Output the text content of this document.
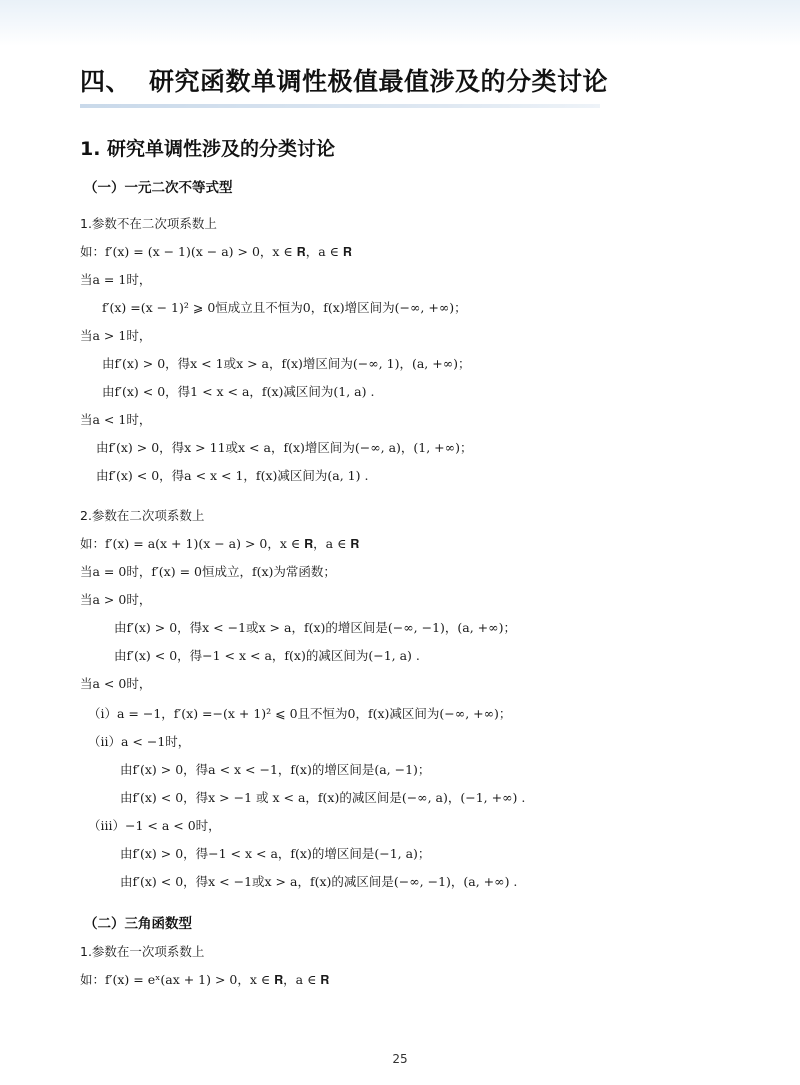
四、 研究函数单调性极值最值涉及的分类讨论
1. 研究单调性涉及的分类讨论
（一）一元二次不等式型
1.参数不在二次项系数上
如：f′(x) = (x − 1)(x − a) > 0，x ∈ 𝐑，a ∈ 𝐑
当a = 1时，
f′(x) =(x − 1)² ⩾ 0恒成立且不恒为0，f(x)增区间为(−∞, +∞)；
当a > 1时，
由f′(x) > 0，得x < 1或x > a，f(x)增区间为(−∞, 1)，(a, +∞)；
由f′(x) < 0，得1 < x < a，f(x)减区间为(1, a) .
当a < 1时，
由f′(x) > 0，得x > 11或x < a，f(x)增区间为(−∞, a)，(1, +∞)；
由f′(x) < 0，得a < x < 1，f(x)减区间为(a, 1) .
2.参数在二次项系数上
如：f′(x) = a(x + 1)(x − a) > 0，x ∈ 𝐑，a ∈ 𝐑
当a = 0时，f′(x) = 0恒成立，f(x)为常函数；
当a > 0时，
由f′(x) > 0，得x < −1或x > a，f(x)的增区间是(−∞, −1)，(a, +∞)；
由f′(x) < 0，得−1 < x < a，f(x)的减区间为(−1, a) .
当a < 0时，
（ⅰ）a = −1，f′(x) =−(x + 1)² ⩽ 0且不恒为0，f(x)减区间为(−∞, +∞)；
（ⅱ）a < −1时，
由f′(x) > 0，得a < x < −1，f(x)的增区间是(a, −1)；
由f′(x) < 0，得x > −1 或 x < a，f(x)的减区间是(−∞, a)，(−1, +∞) .
（ⅲ）−1 < a < 0时，
由f′(x) > 0，得−1 < x < a，f(x)的增区间是(−1, a)；
由f′(x) < 0，得x < −1或x > a，f(x)的减区间是(−∞, −1)，(a, +∞) .
（二）三角函数型
1.参数在一次项系数上
如：f′(x) = eˣ(ax + 1) > 0，x ∈ 𝐑，a ∈ 𝐑
25
